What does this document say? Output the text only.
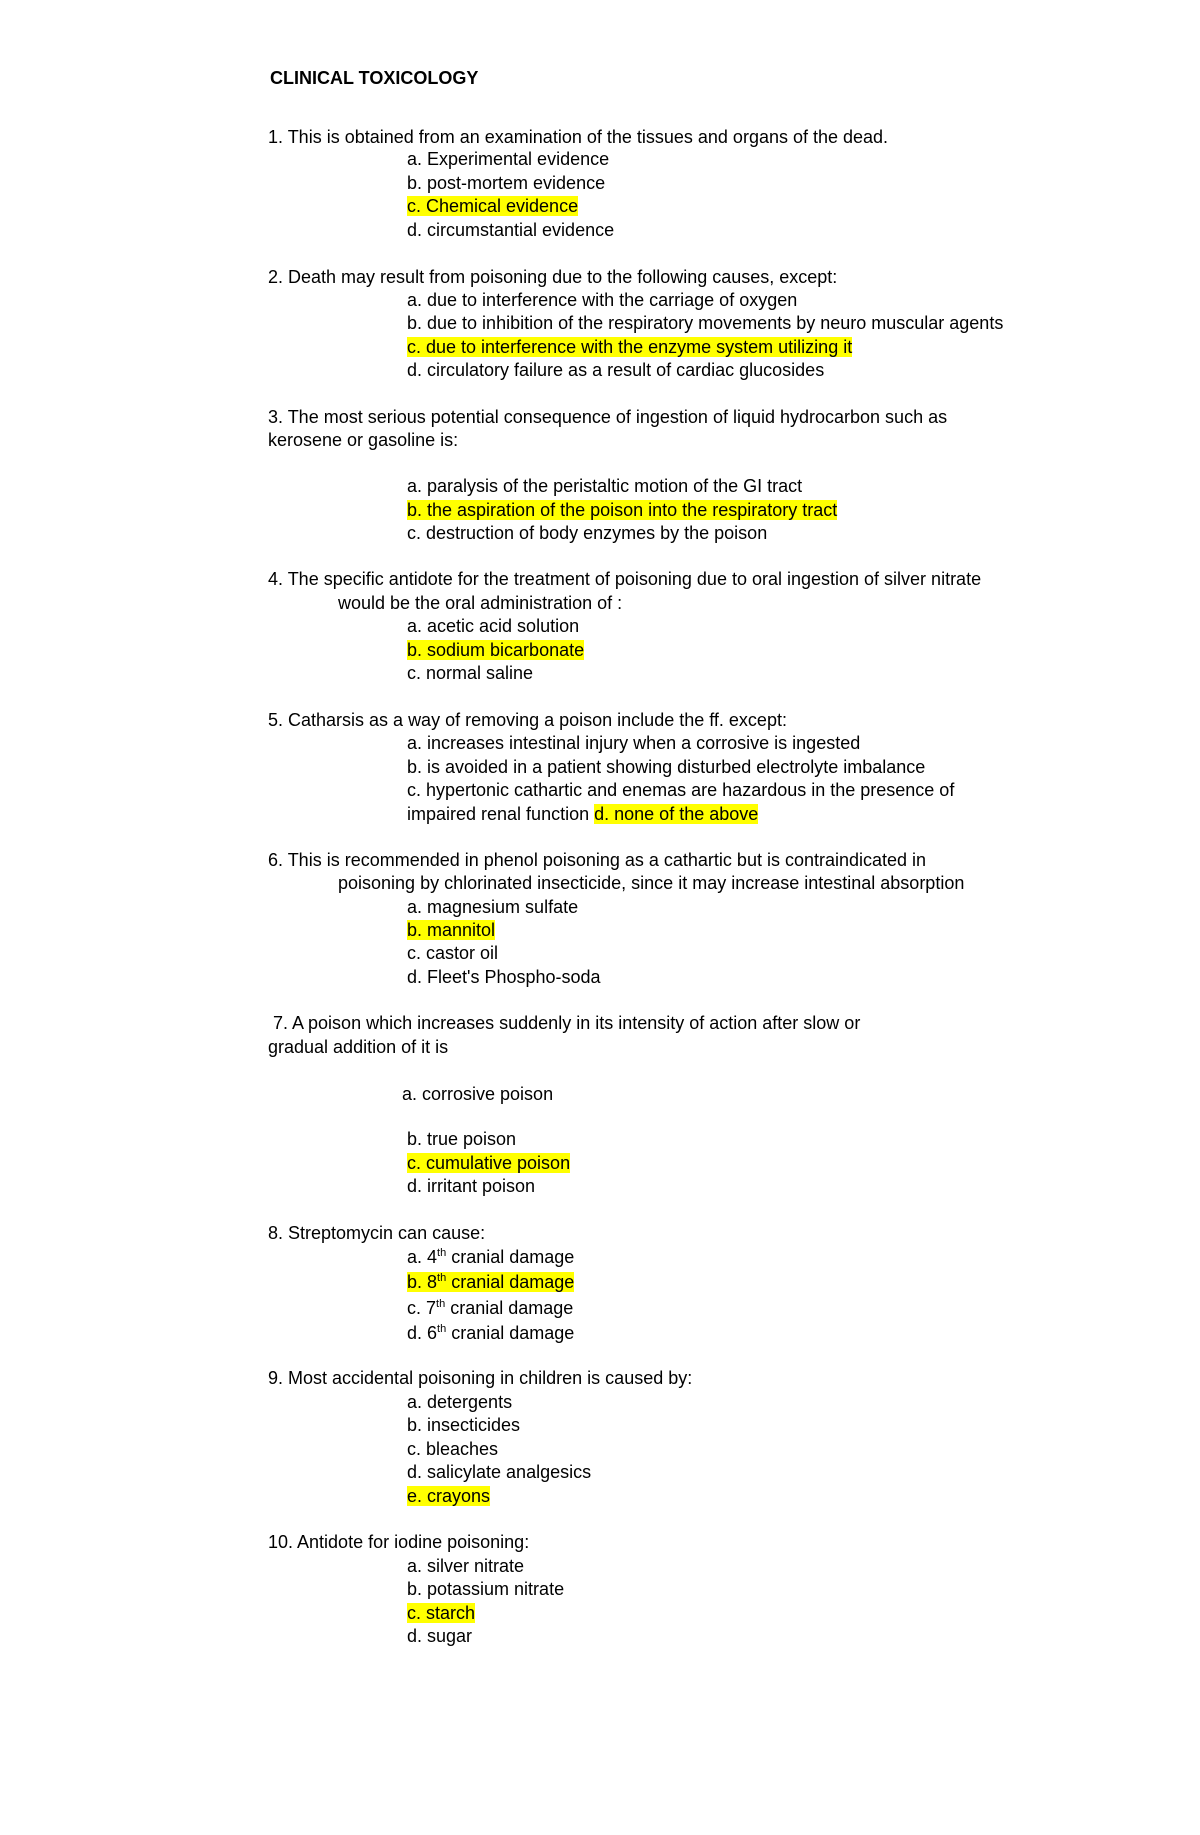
CLINICAL TOXICOLOGY

1. This is obtained from an examination of the tissues and organs of the dead.

a. Experimental evidence

b. post-mortem evidence

c. Chemical evidence

d. circumstantial evidence

2. Death may result from poisoning due to the following causes, except:

a. due to interference with the carriage of oxygen

b. due to inhibition of the respiratory movements by neuro muscular agents

c. due to interference with the enzyme system utilizing it

d. circulatory failure as a result of cardiac glucosides

3. The most serious potential consequence of ingestion of liquid hydrocarbon such as

kerosene or gasoline is:

a. paralysis of the peristaltic motion of the GI tract

b. the aspiration of the poison into the respiratory tract

c. destruction of body enzymes by the poison

4. The specific antidote for the treatment of poisoning due to oral ingestion of silver nitrate

would be the oral administration of :

a. acetic acid solution

b. sodium bicarbonate

c. normal saline

5. Catharsis as a way of removing a poison include the ff. except:

a. increases intestinal injury when a corrosive is ingested

b. is avoided in a patient showing disturbed electrolyte imbalance

c. hypertonic cathartic and enemas are hazardous in the presence of

impaired renal function d. none of the above

6. This is recommended in phenol poisoning as a cathartic but is contraindicated in

poisoning by chlorinated insecticide, since it may increase intestinal absorption

a. magnesium sulfate

b. mannitol

c. castor oil

d. Fleet's Phospho-soda

7. A poison which increases suddenly in its intensity of action after slow or

gradual addition of it is

a. corrosive poison

b. true poison

c. cumulative poison

d. irritant poison

8. Streptomycin can cause:

a. 4th cranial damage

b. 8th cranial damage

c. 7th cranial damage

d. 6th cranial damage

9. Most accidental poisoning in children is caused by:

a. detergents

b. insecticides

c. bleaches

d. salicylate analgesics

e. crayons

10. Antidote for iodine poisoning:

a. silver nitrate

b. potassium nitrate

c. starch

d. sugar
